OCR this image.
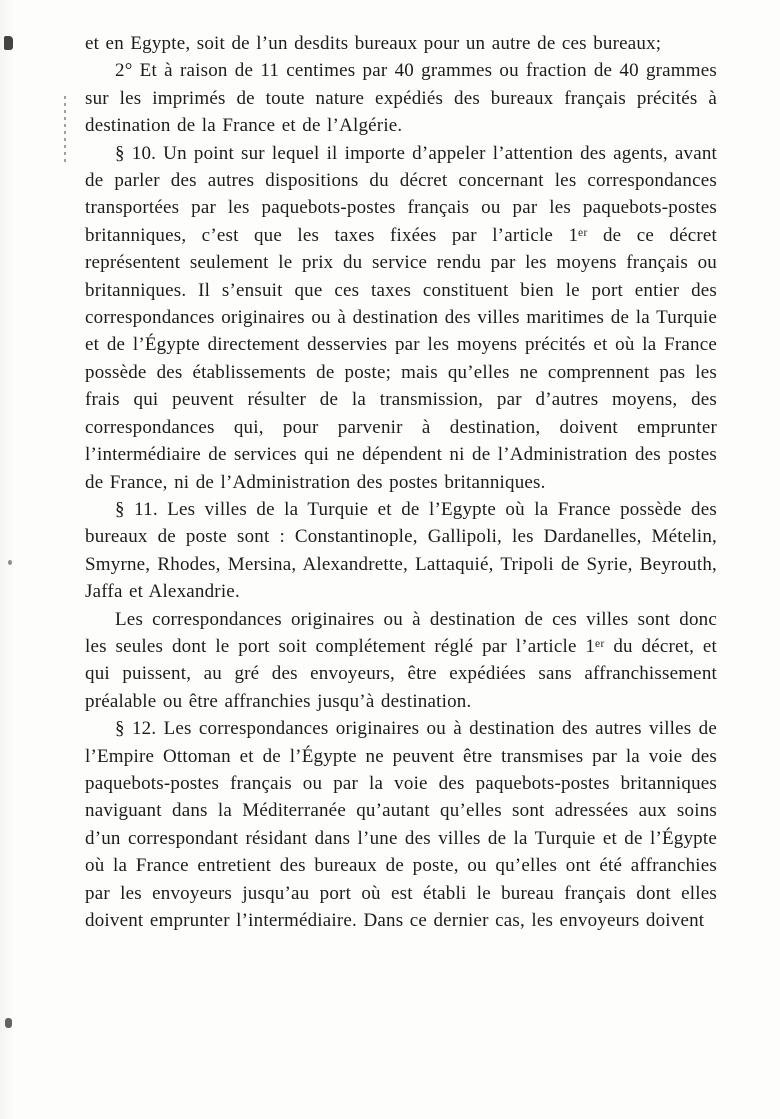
et en Egypte, soit de l’un desdits bureaux pour un autre de ces bureaux;

2° Et à raison de 11 centimes par 40 grammes ou fraction de 40 grammes sur les imprimés de toute nature expédiés des bureaux français précités à destination de la France et de l’Algérie.

§ 10. Un point sur lequel il importe d’appeler l’attention des agents, avant de parler des autres dispositions du décret concernant les correspondances transportées par les paquebots-postes français ou par les paquebots-postes britanniques, c’est que les taxes fixées par l’article 1ᵉʳ de ce décret représentent seulement le prix du service rendu par les moyens français ou britanniques. Il s’ensuit que ces taxes constituent bien le port entier des correspondances originaires ou à destination des villes maritimes de la Turquie et de l’Égypte directement desservies par les moyens précités et où la France possède des établissements de poste; mais qu’elles ne comprennent pas les frais qui peuvent résulter de la transmission, par d’autres moyens, des correspondances qui, pour parvenir à destination, doivent emprunter l’intermédiaire de services qui ne dépendent ni de l’Administration des postes de France, ni de l’Administration des postes britanniques.

§ 11. Les villes de la Turquie et de l’Egypte où la France possède des bureaux de poste sont : Constantinople, Gallipoli, les Dardanelles, Mételin, Smyrne, Rhodes, Mersina, Alexandrette, Lattaquié, Tripoli de Syrie, Beyrouth, Jaffa et Alexandrie.

Les correspondances originaires ou à destination de ces villes sont donc les seules dont le port soit complétement réglé par l’article 1ᵉʳ du décret, et qui puissent, au gré des envoyeurs, être expédiées sans affranchissement préalable ou être affranchies jusqu’à destination.

§ 12. Les correspondances originaires ou à destination des autres villes de l’Empire Ottoman et de l’Égypte ne peuvent être transmises par la voie des paquebots-postes français ou par la voie des paquebots-postes britanniques naviguant dans la Méditerranée qu’autant qu’elles sont adressées aux soins d’un correspondant résidant dans l’une des villes de la Turquie et de l’Égypte où la France entretient des bureaux de poste, ou qu’elles ont été affranchies par les envoyeurs jusqu’au port où est établi le bureau français dont elles doivent emprunter l’intermédiaire. Dans ce dernier cas, les envoyeurs doivent
